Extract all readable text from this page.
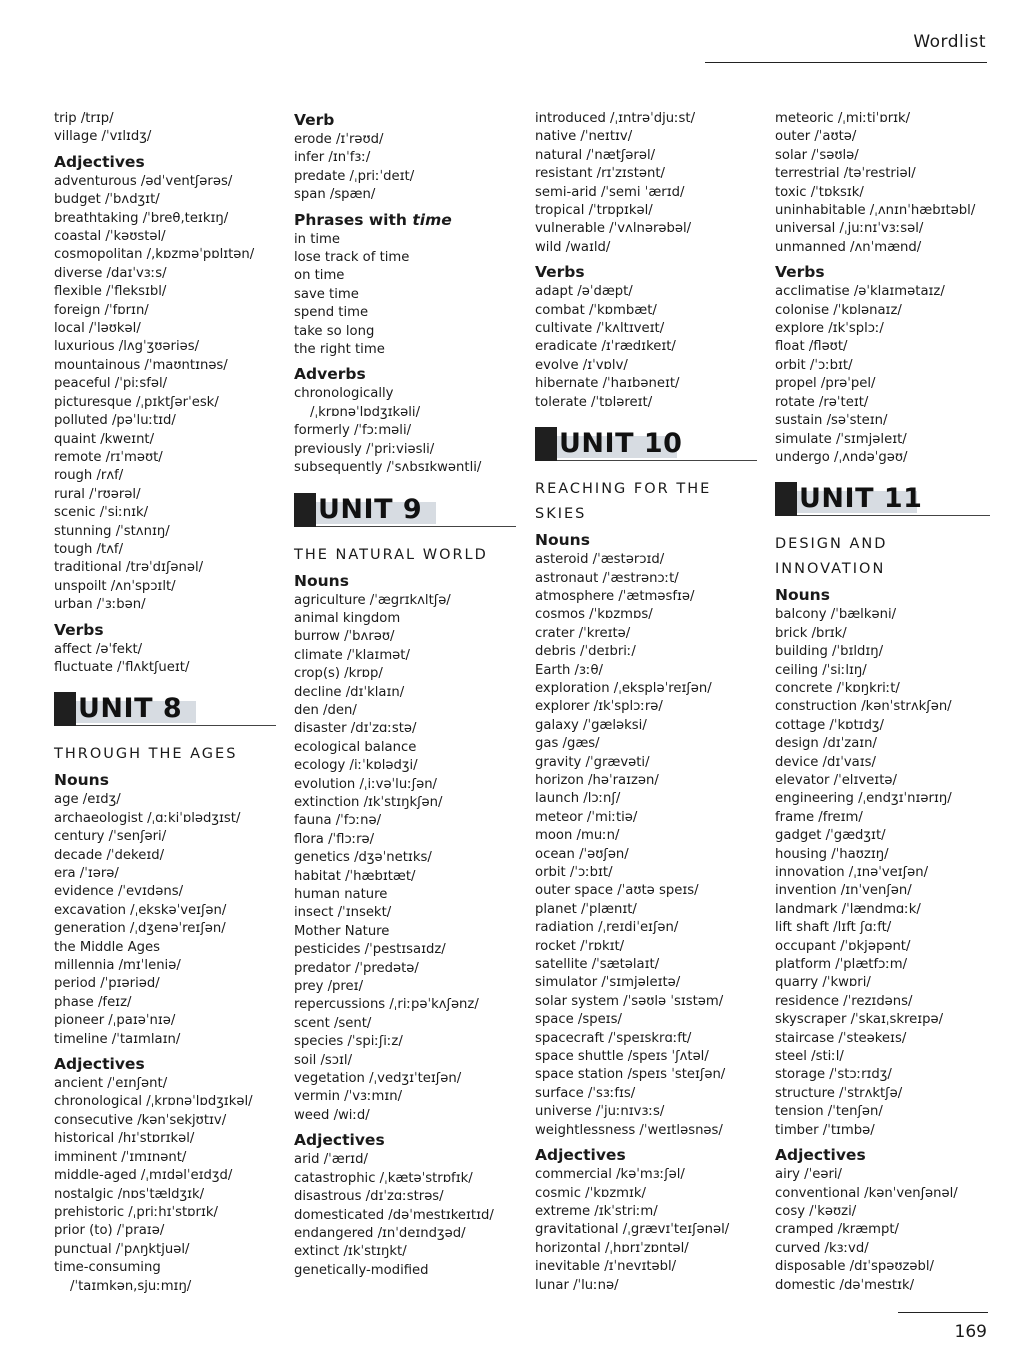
Wordlist
trip /trɪp/
village /ˈvɪlɪdʒ/
Adjectives
adventurous /ədˈventʃərəs/
budget /ˈbʌdʒɪt/
breathtaking /ˈbreθ,teɪkɪŋ/
coastal /ˈkəʊstəl/
cosmopolitan /,kɒzməˈpɒlɪtən/
diverse /daɪˈvɜːs/
flexible /ˈfleksɪbl/
foreign /ˈfɒrɪn/
local /ˈləʊkəl/
luxurious /lʌgˈʒʊəriəs/
mountainous /ˈmaʊntɪnəs/
peaceful /ˈpiːsfəl/
picturesque /ˌpɪktʃərˈesk/
polluted /pəˈluːtɪd/
quaint /kweɪnt/
remote /rɪˈməʊt/
rough /rʌf/
rural /ˈrʊərəl/
scenic /ˈsiːnɪk/
stunning /ˈstʌnɪŋ/
tough /tʌf/
traditional /trəˈdɪʃənəl/
unspoilt /ʌnˈspɔɪlt/
urban /ˈɜːbən/
Verbs
affect /əˈfekt/
fluctuate /ˈflʌktʃueɪt/
UNIT 8
THROUGH THE AGES
Nouns
age /eɪdʒ/
archaeologist /ˌɑːkiˈɒlədʒɪst/
century /ˈsenʃəri/
decade /ˈdekeɪd/
era /ˈɪərə/
evidence /ˈevɪdəns/
excavation /ˌekskəˈveɪʃən/
generation /ˌdʒenəˈreɪʃən/
the Middle Ages
millennia /mɪˈleniə/
period /ˈpɪəriəd/
phase /feɪz/
pioneer /ˌpaɪəˈnɪə/
timeline /ˈtaɪmlaɪn/
Adjectives
ancient /ˈeɪnʃənt/
chronological /ˌkrɒnəˈlɒdʒɪkəl/
consecutive /kənˈsekjʊtɪv/
historical /hɪˈstɒrɪkəl/
imminent /ˈɪmɪnənt/
middle-aged /ˌmɪdəlˈeɪdʒd/
nostalgic /nɒsˈtældʒɪk/
prehistoric /ˌpriːhɪˈstɒrɪk/
prior (to) /ˈpraɪə/
punctual /ˈpʌŋktjuəl/
time-consuming
/ˈtaɪmkən,sjuːmɪŋ/
Verb
erode /ɪˈrəʊd/
infer /ɪnˈfɜː/
predate /ˌpriːˈdeɪt/
span /spæn/
Phrases with time
in time
lose track of time
on time
save time
spend time
take so long
the right time
Adverbs
chronologically
/ˌkrɒnəˈlɒdʒɪkəli/
formerly /ˈfɔːməli/
previously /ˈpriːviəsli/
subsequently /ˈsʌbsɪkwəntli/
UNIT 9
THE NATURAL WORLD
Nouns
agriculture /ˈægrɪkʌltʃə/
animal kingdom
burrow /ˈbʌrəʊ/
climate /ˈklaɪmət/
crop(s) /krɒp/
decline /dɪˈklaɪn/
den /den/
disaster /dɪˈzɑːstə/
ecological balance
ecology /iːˈkɒlədʒi/
evolution /ˌiːvəˈluːʃən/
extinction /ɪkˈstɪŋkʃən/
fauna /ˈfɔːnə/
flora /ˈflɔːrə/
genetics /dʒəˈnetɪks/
habitat /ˈhæbɪtæt/
human nature
insect /ˈɪnsekt/
Mother Nature
pesticides /ˈpestɪsaɪdz/
predator /ˈpredətə/
prey /preɪ/
repercussions /ˌriːpəˈkʌʃənz/
scent /sent/
species /ˈspiːʃiːz/
soil /sɔɪl/
vegetation /ˌvedʒɪˈteɪʃən/
vermin /ˈvɜːmɪn/
weed /wiːd/
Adjectives
arid /ˈærɪd/
catastrophic /ˌkætəˈstrɒfɪk/
disastrous /dɪˈzɑːstrəs/
domesticated /dəˈmestɪkeɪtɪd/
endangered /ɪnˈdeɪndʒəd/
extinct /ɪkˈstɪŋkt/
genetically-modified
introduced /ˌɪntrəˈdjuːst/
native /ˈneɪtɪv/
natural /ˈnætʃərəl/
resistant /rɪˈzɪstənt/
semi-arid /ˈsemi ˈærɪd/
tropical /ˈtrɒpɪkəl/
vulnerable /ˈvʌlnərəbəl/
wild /waɪld/
Verbs
adapt /əˈdæpt/
combat /ˈkɒmbæt/
cultivate /ˈkʌltɪveɪt/
eradicate /ɪˈrædɪkeɪt/
evolve /ɪˈvɒlv/
hibernate /ˈhaɪbəneɪt/
tolerate /ˈtɒləreɪt/
UNIT 10
REACHING FOR THE
SKIES
Nouns
asteroid /ˈæstərɔɪd/
astronaut /ˈæstrənɔːt/
atmosphere /ˈætməsfɪə/
cosmos /ˈkɒzmɒs/
crater /ˈkreɪtə/
debris /ˈdeɪbriː/
Earth /ɜːθ/
exploration /ˌekspləˈreɪʃən/
explorer /ɪkˈsplɔːrə/
galaxy /ˈgæləksi/
gas /gæs/
gravity /ˈgrævəti/
horizon /həˈraɪzən/
launch /lɔːnʃ/
meteor /ˈmiːtiə/
moon /muːn/
ocean /ˈəʊʃən/
orbit /ˈɔːbɪt/
outer space /ˈaʊtə speɪs/
planet /ˈplænɪt/
radiation /ˌreɪdiˈeɪʃən/
rocket /ˈrɒkɪt/
satellite /ˈsætəlaɪt/
simulator /ˈsɪmjəleɪtə/
solar system /ˈsəʊlə ˈsɪstəm/
space /speɪs/
spacecraft /ˈspeɪskrɑːft/
space shuttle /speɪs ˈʃʌtəl/
space station /speɪs ˈsteɪʃən/
surface /ˈsɜːfɪs/
universe /ˈjuːnɪvɜːs/
weightlessness /ˈweɪtləsnəs/
Adjectives
commercial /kəˈmɜːʃəl/
cosmic /ˈkɒzmɪk/
extreme /ɪkˈstriːm/
gravitational /ˌgrævɪˈteɪʃənəl/
horizontal /ˌhɒrɪˈzɒntəl/
inevitable /ɪˈnevɪtəbl/
lunar /ˈluːnə/
meteoric /ˌmiːtiˈɒrɪk/
outer /ˈaʊtə/
solar /ˈsəʊlə/
terrestrial /təˈrestriəl/
toxic /ˈtɒksɪk/
uninhabitable /ˌʌnɪnˈhæbɪtəbl/
universal /ˌjuːnɪˈvɜːsəl/
unmanned /ʌnˈmænd/
Verbs
acclimatise /əˈklaɪmətaɪz/
colonise /ˈkɒlənaɪz/
explore /ɪkˈsplɔː/
float /fləʊt/
orbit /ˈɔːbɪt/
propel /prəˈpel/
rotate /rəˈteɪt/
sustain /səˈsteɪn/
simulate /ˈsɪmjəleɪt/
undergo /ˌʌndəˈgəʊ/
UNIT 11
DESIGN AND
INNOVATION
Nouns
balcony /ˈbælkəni/
brick /brɪk/
building /ˈbɪldɪŋ/
ceiling /ˈsiːlɪŋ/
concrete /ˈkɒŋkriːt/
construction /kənˈstrʌkʃən/
cottage /ˈkɒtɪdʒ/
design /dɪˈzaɪn/
device /dɪˈvaɪs/
elevator /ˈelɪveɪtə/
engineering /ˌendʒɪˈnɪərɪŋ/
frame /freɪm/
gadget /ˈgædʒɪt/
housing /ˈhaʊzɪŋ/
innovation /ˌɪnəˈveɪʃən/
invention /ɪnˈvenʃən/
landmark /ˈlændmɑːk/
lift shaft /lɪft ʃɑːft/
occupant /ˈɒkjəpənt/
platform /ˈplætfɔːm/
quarry /ˈkwɒri/
residence /ˈrezɪdəns/
skyscraper /ˈskaɪˌskreɪpə/
staircase /ˈsteəkeɪs/
steel /stiːl/
storage /ˈstɔːrɪdʒ/
structure /ˈstrʌktʃə/
tension /ˈtenʃən/
timber /ˈtɪmbə/
Adjectives
airy /ˈeəri/
conventional /kənˈvenʃənəl/
cosy /ˈkəʊzi/
cramped /kræmpt/
curved /kɜːvd/
disposable /dɪˈspəʊzəbl/
domestic /dəˈmestɪk/
169
